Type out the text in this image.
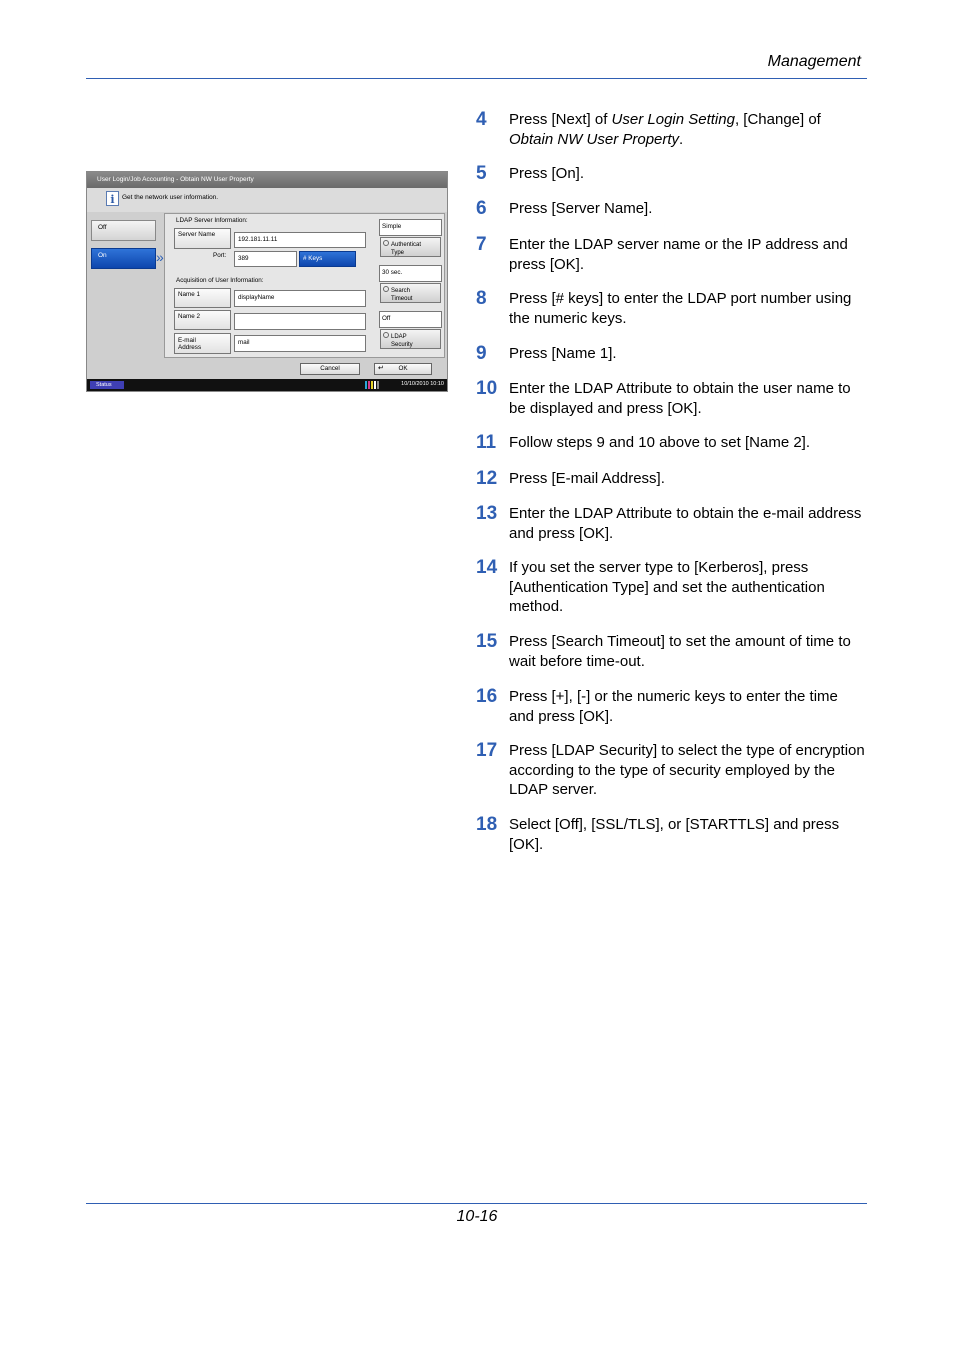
Management
User Login/Job Accounting - Obtain NW User Property
i	Get the network user information.
Off
On	»
LDAP Server Information:
Server Name
192.181.11.11
Port:	389	# Keys
Acquisition of User Information:
Name 1	displayName
Name 2
E-mail
Address
mail
Simple
Authenticat
Type
30 sec.
Search
Timeout
Off
LDAP
Security
Cancel	↵ OK
Status	10/10/2010 10:10
4 Press [Next] of User Login Setting, [Change] of Obtain NW User Property.
5 Press [On].
6 Press [Server Name].
7 Enter the LDAP server name or the IP address and press [OK].
8 Press [# keys] to enter the LDAP port number using the numeric keys.
9 Press [Name 1].
10 Enter the LDAP Attribute to obtain the user name to be displayed and press [OK].
11 Follow steps 9 and 10 above to set [Name 2].
12 Press [E-mail Address].
13 Enter the LDAP Attribute to obtain the e-mail address and press [OK].
14 If you set the server type to [Kerberos], press [Authentication Type] and set the authentication method.
15 Press [Search Timeout] to set the amount of time to wait before time-out.
16 Press [+], [-] or the numeric keys to enter the time and press [OK].
17 Press [LDAP Security] to select the type of encryption according to the type of security employed by the LDAP server.
18 Select [Off], [SSL/TLS], or [STARTTLS] and press [OK].
10-16
